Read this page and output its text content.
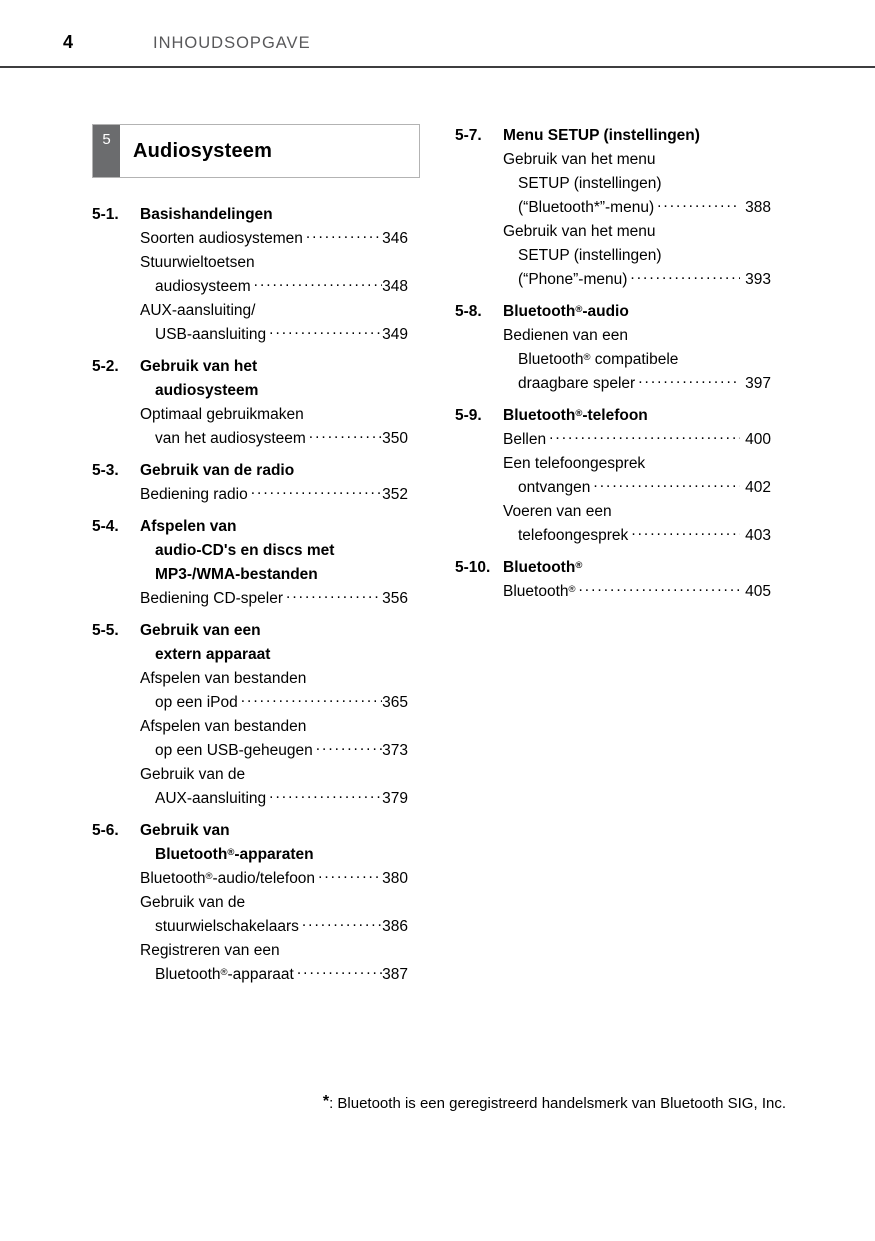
4	INHOUDSOPGAVE
5	Audiosysteem
5-1.	Basishandelingen
Soorten audiosystemen .....	346
Stuurwieltoetsen
audiosysteem .....	348
AUX-aansluiting/
USB-aansluiting .....	349
5-2.	Gebruik van het
audiosysteem
Optimaal gebruikmaken
van het audiosysteem .....	350
5-3.	Gebruik van de radio
Bediening radio .....	352
5-4.	Afspelen van
audio-CD's en discs met
MP3-/WMA-bestanden
Bediening CD-speler .....	356
5-5.	Gebruik van een
extern apparaat
Afspelen van bestanden
op een iPod .....	365
Afspelen van bestanden
op een USB-geheugen .....	373
Gebruik van de
AUX-aansluiting .....	379
5-6.	Gebruik van
Bluetooth®-apparaten
Bluetooth®-audio/telefoon .....	380
Gebruik van de
stuurwielschakelaars .....	386
Registreren van een
Bluetooth®-apparaat .....	387
5-7.	Menu SETUP (instellingen)
Gebruik van het menu
SETUP (instellingen)
(“Bluetooth*”-menu) .....	388
Gebruik van het menu
SETUP (instellingen)
(“Phone”-menu) .....	393
5-8.	Bluetooth®-audio
Bedienen van een
Bluetooth® compatibele
draagbare speler .....	397
5-9.	Bluetooth®-telefoon
Bellen .....	400
Een telefoongesprek
ontvangen .....	402
Voeren van een
telefoongesprek .....	403
5-10. Bluetooth®
Bluetooth® .....	405
*: Bluetooth is een geregistreerd handelsmerk van Bluetooth SIG, Inc.
